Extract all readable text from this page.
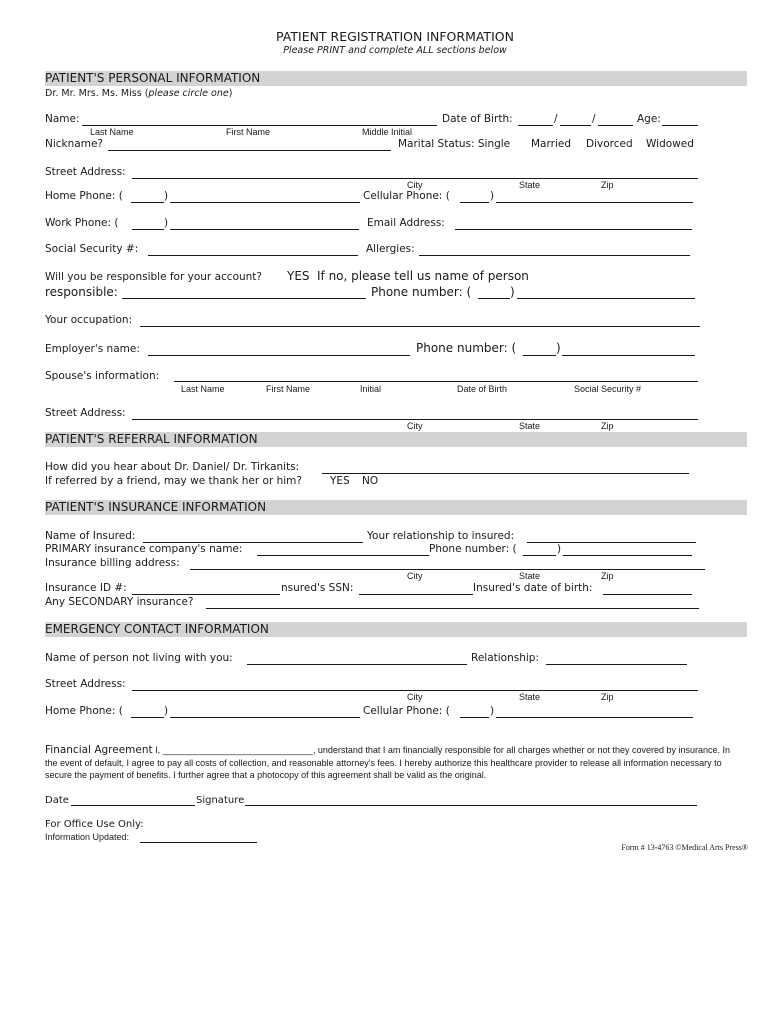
PATIENT REGISTRATION INFORMATION
Please PRINT and complete ALL sections below
PATIENT'S PERSONAL INFORMATION
Dr. Mr. Mrs. Ms. Miss (please circle one)
Name:	Date of Birth:	/	/	Age:
Last Name	First Name	Middle Initial
Nickname?	Marital Status: Single Married Divorced Widowed
Street Address:
City	State	Zip
Home Phone: (	)	Cellular Phone: (	)
Work Phone: (	)	Email Address:
Social Security #:	Allergies:
Will you be responsible for your account? YES If no, please tell us name of person
responsible:	Phone number: (	)
Your occupation:
Employer's name:	Phone number: (	)
Spouse's information:
Last Name	First Name	Initial	Date of Birth	Social Security #
Street Address:
City	State	Zip
PATIENT'S REFERRAL INFORMATION
How did you hear about Dr. Daniel/ Dr. Tirkanits:
If referred by a friend, may we thank her or him?	YES NO
PATIENT'S INSURANCE INFORMATION
Name of Insured:	Your relationship to insured:
PRIMARY insurance company's name:	Phone number: (	)
Insurance billing address:
City	State	Zip
Insurance ID #:	nsured's SSN:	Insured's date of birth:
Any SECONDARY insurance?
EMERGENCY CONTACT INFORMATION
Name of person not living with you:	Relationship:
Street Address:
City	State	Zip
Home Phone: (	)	Cellular Phone: (	)
Financial Agreement I, ______________________________, understand that I am financially responsible for all charges whether or not they covered by insurance. In the event of default, I agree to pay all costs of collection, and reasonable attorney's fees. I hereby authorize this healthcare provider to release all information necessary to secure the payment of benefits. I further agree that a photocopy of this agreement shall be valid as the original.
Date	Signature
For Office Use Only:
Information Updated:
Form # 13-4763 ©Medical Arts Press®
